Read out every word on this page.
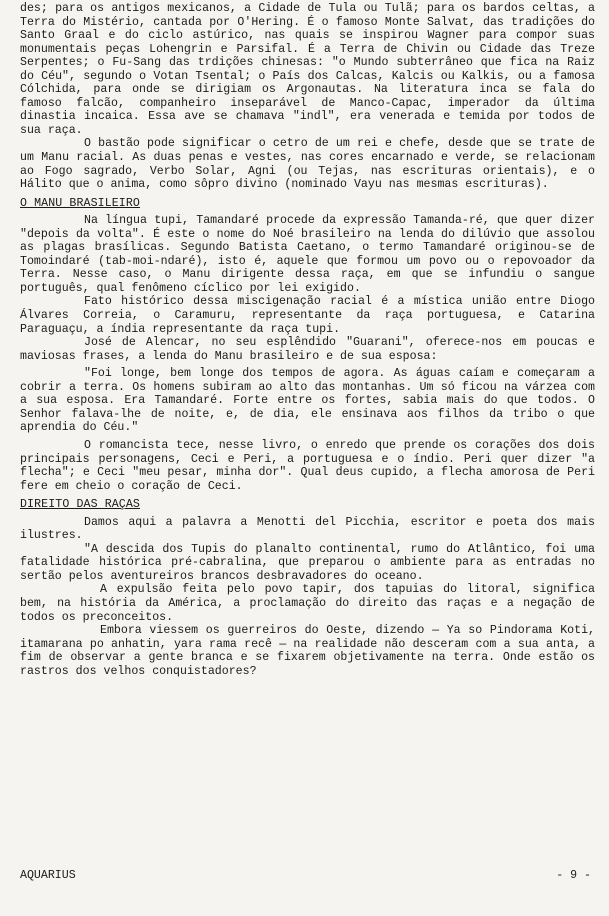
des; para os antigos mexicanos, a Cidade de Tula ou Tulã; para os bardos celtas, a Terra do Mistério, cantada por O'Hering. É o famoso Monte Salvat, das tradições do Santo Graal e do ciclo astúrico, nas quais se inspirou Wagner para compor suas monumentais peças Lohengrin e Parsifal. É a Terra de Chivin ou Cidade das Treze Serpentes; o Fu-Sang das trdições chinesas: "o Mundo subterrâneo que fica na Raiz do Céu", segundo o Votan Tsental; o País dos Calcas, Kalcis ou Kalkis, ou a famosa Cólchida, para onde se dirigiam os Argonautas. Na literatura inca se fala do famoso falcão, companheiro inseparável de Manco-Capac, imperador da última dinastia incaica. Essa ave se chamava "indl", era venerada e temida por todos de sua raça.

O bastão pode significar o cetro de um rei e chefe, desde que se trate de um Manu racial. As duas penas e vestes, nas cores encarnado e verde, se relacionam ao Fogo sagrado, Verbo Solar, Agni (ou Tejas, nas escrituras orientais), e o Hálito que o anima, como sôpro divino (nominado Vayu nas mesmas escrituras).

O MANU BRASILEIRO

Na língua tupi, Tamandaré procede da expressão Tamanda-ré, que quer dizer "depois da volta". É este o nome do Noé brasileiro na lenda do dilúvio que assolou as plagas brasílicas. Segundo Batista Caetano, o termo Tamandaré originou-se de Tomoindaré (tab-moi-ndaré), isto é, aquele que formou um povo ou o repovoador da Terra. Nesse caso, o Manu dirigente dessa raça, em que se infundiu o sangue português, qual fenômeno cíclico por lei exigido.

Fato histórico dessa miscigenação racial é a mística união entre Diogo Álvares Correia, o Caramuru, representante da raça portuguesa, e Catarina Paraguaçu, a índia representante da raça tupi.

José de Alencar, no seu esplêndido "Guarani", oferece-nos em poucas e maviosas frases, a lenda do Manu brasileiro e de sua esposa:

"Foi longe, bem longe dos tempos de agora. As águas caíam e começaram a cobrir a terra. Os homens subiram ao alto das montanhas. Um só ficou na várzea com a sua esposa. Era Tamandaré. Forte entre os fortes, sabia mais do que todos. O Senhor falava-lhe de noite, e, de dia, ele ensinava aos filhos da tribo o que aprendia do Céu."

O romancista tece, nesse livro, o enredo que prende os corações dos dois principais personagens, Ceci e Peri, a portuguesa e o índio. Peri quer dizer "a flecha"; e Ceci "meu pesar, minha dor". Qual deus cupido, a flecha amorosa de Peri fere em cheio o coração de Ceci.

DIREITO DAS RAÇAS

Damos aqui a palavra a Menotti del Picchia, escritor e poeta dos mais ilustres.

"A descida dos Tupis do planalto continental, rumo do Atlântico, foi uma fatalidade histórica pré-cabralina, que preparou o ambiente para as entradas no sertão pelos aventureiros brancos desbravadores do oceano.

A expulsão feita pelo povo tapir, dos tapuias do litoral, significa bem, na história da América, a proclamação do direito das raças e a negação de todos os preconceitos.

Embora viessem os guerreiros do Oeste, dizendo — Ya so Pindorama Koti, itamarana po anhatin, yara rama recê — na realidade não desceram com a sua anta, a fim de observar a gente branca e se fixarem objetivamente na terra. Onde estão os rastros dos velhos conquistadores?

AQUARIUS	- 9 -
